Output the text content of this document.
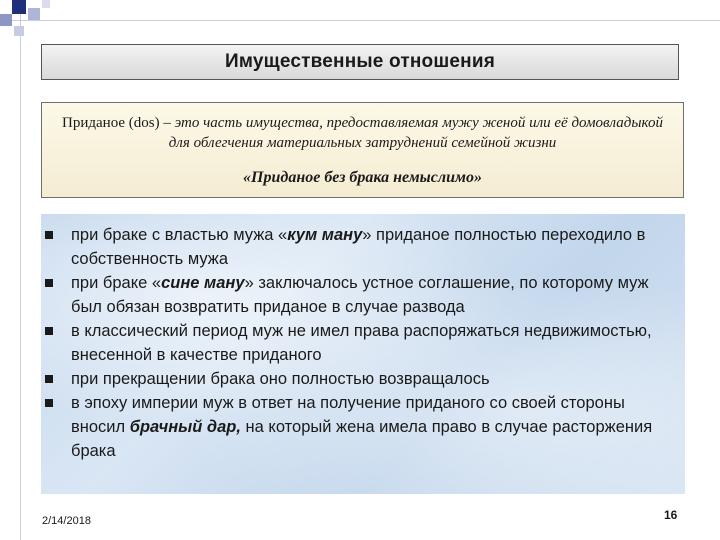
Имущественные отношения
Приданое (dos) – это часть имущества, предоставляемая мужу женой или её домовладыкой для облегчения материальных затруднений семейной жизни
«Приданое без брака немыслимо»
при браке с властью мужа «кум ману» приданое полностью переходило в собственность мужа
при браке «сине ману» заключалось устное соглашение, по которому муж был обязан возвратить приданое в случае развода
в классический период муж не имел права распоряжаться недвижимостью, внесенной в качестве приданого
при прекращении брака оно полностью возвращалось
в эпоху империи муж в ответ на получение приданого со своей стороны вносил брачный дар, на который жена имела право в случае расторжения брака
2/14/2018	16
